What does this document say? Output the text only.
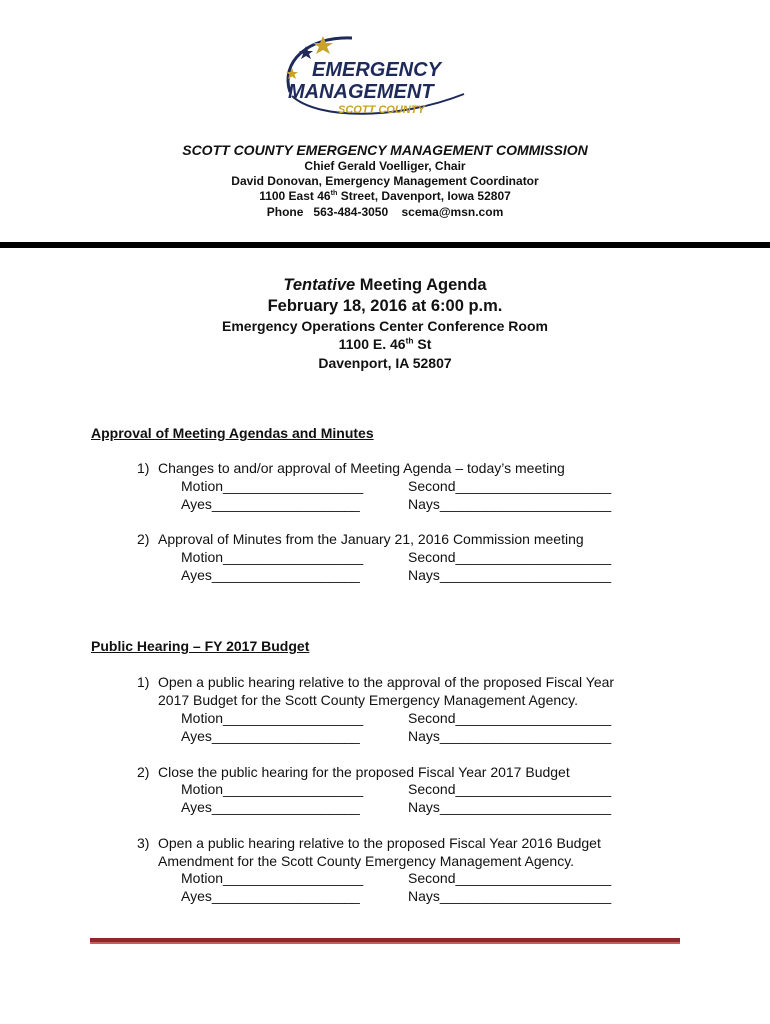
EMERGENCY
MANAGEMENT
SCOTT COUNTY
SCOTT COUNTY EMERGENCY MANAGEMENT COMMISSION
Chief Gerald Voelliger, Chair
David Donovan, Emergency Management Coordinator
1100 East 46th Street, Davenport, Iowa 52807
Phone   563-484-3050    scema@msn.com
Tentative Meeting Agenda
February 18, 2016 at 6:00 p.m.
Emergency Operations Center Conference Room
1100 E. 46th St
Davenport, IA 52807
Approval of Meeting Agendas and Minutes
1) Changes to and/or approval of Meeting Agenda – today’s meeting
Motion__________________	Second____________________
Ayes___________________	Nays______________________
2) Approval of Minutes from the January 21, 2016 Commission meeting
Motion__________________	Second____________________
Ayes___________________	Nays______________________
Public Hearing – FY 2017 Budget
1) Open a public hearing relative to the approval of the proposed Fiscal Year
2017 Budget for the Scott County Emergency Management Agency.
Motion__________________	Second____________________
Ayes___________________	Nays______________________
2) Close the public hearing for the proposed Fiscal Year 2017 Budget
Motion__________________	Second____________________
Ayes___________________	Nays______________________
3) Open a public hearing relative to the proposed Fiscal Year 2016 Budget
Amendment for the Scott County Emergency Management Agency.
Motion__________________	Second____________________
Ayes___________________	Nays______________________
